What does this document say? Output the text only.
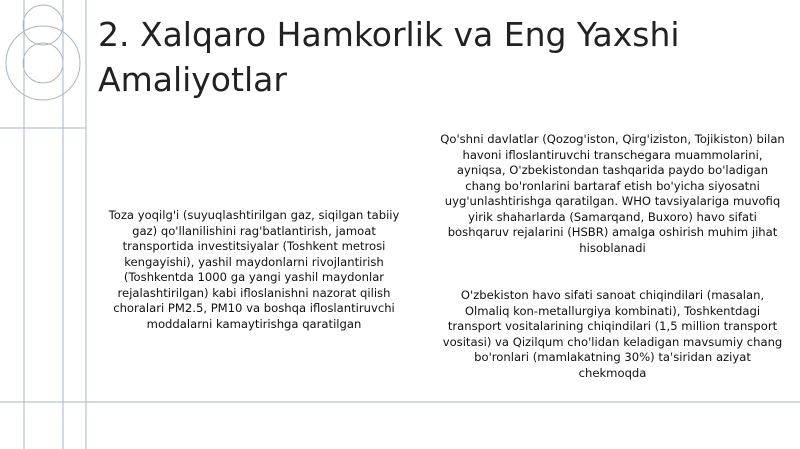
2. Xalqaro Hamkorlik va Eng Yaxshi Amaliyotlar
Toza yoqilg'i (suyuqlashtirilgan gaz, siqilgan tabiiy gaz) qo'llanilishini rag'batlantirish, jamoat transportida investitsiyalar (Toshkent metrosi kengayishi), yashil maydonlarni rivojlantirish (Toshkentda 1000 ga yangi yashil maydonlar rejalashtirilgan) kabi ifloslanishni nazorat qilish choralari PM2.5, PM10 va boshqa ifloslantiruvchi moddalarni kamaytirishga qaratilgan
Qo'shni davlatlar (Qozog'iston, Qirg'iziston, Tojikiston) bilan havoni ifloslantiruvchi transchegara muammolarini, ayniqsa, O'zbekistondan tashqarida paydo bo'ladigan chang bo'ronlarini bartaraf etish bo'yicha siyosatni uyg'unlashtirishga qaratilgan. WHO tavsiyalariga muvofiq yirik shaharlarda (Samarqand, Buxoro) havo sifati boshqaruv rejalarini (HSBR) amalga oshirish muhim jihat hisoblanadi
O'zbekiston havo sifati sanoat chiqindilari (masalan, Olmaliq kon-metallurgiya kombinati), Toshkentdagi transport vositalarining chiqindilari (1,5 million transport vositasi) va Qizilqum cho'lidan keladigan mavsumiy chang bo'ronlari (mamlakatning 30%) ta'siridan aziyat chekmoqda
